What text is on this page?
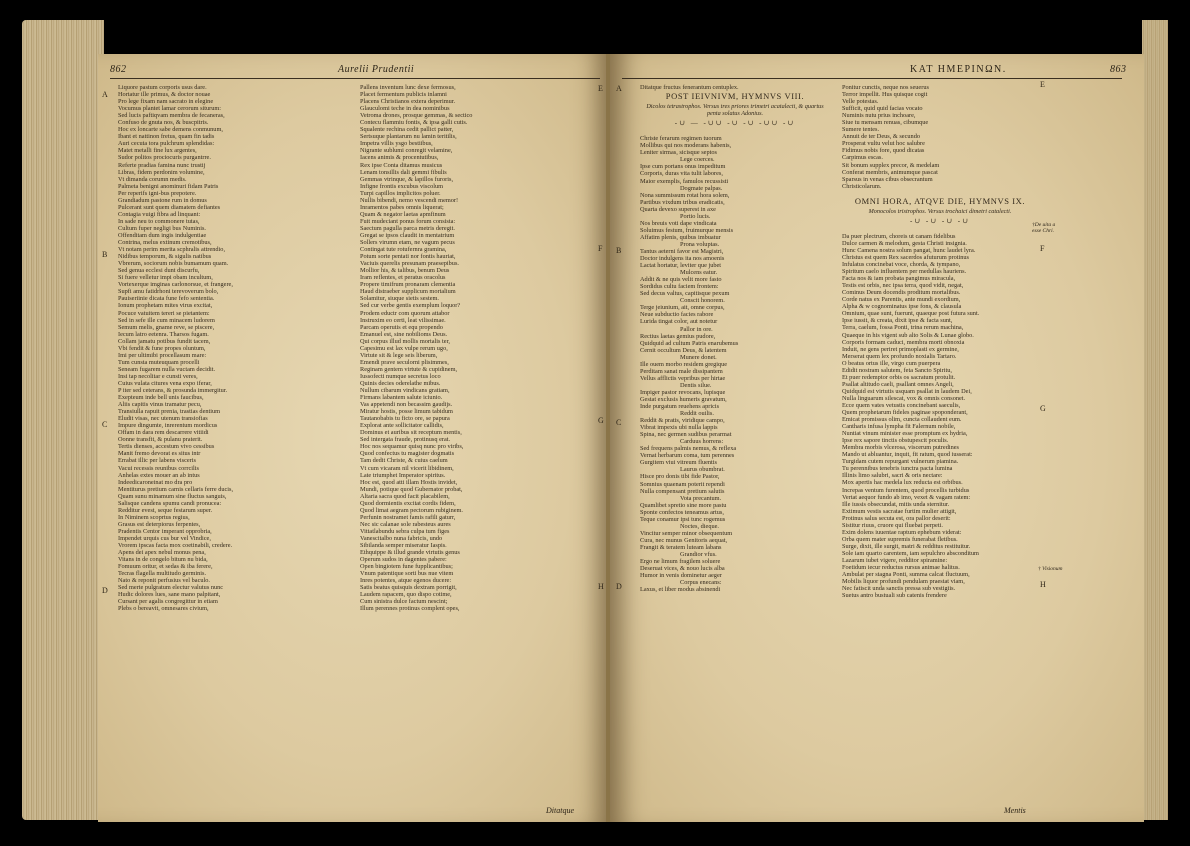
862	Aurelii Prudentii
A
B
C
D
E
F
G
H
Liquore pastum corporis usus dare.
Hortatur ille primus, & doctor nouae
Pro lege fixam nam sacrato in elegine
Vocumus plantet lamar cerorum siturum:
Sed lucis paftiqvam membra de fecaneras,
Confuso de gnuta nos, & buscpitris.
Hoc ex loncarte sabe demens conmunum,
Ibant et nattinon fretus, quam fin tadis
Auri cecuta tora pulchrum splendidas:
Matet metalli fine lux argentes,
Sudor politos prociocuris purgantrre.
Referte pradias famina nunc trustij
Libras, fidem perdonim volumine,
Vt dimanda corumn medis.
Palmeta benigni anominuri fidam Patris
Per reperifs igni-bus prepotere.
Grandiadum pastone rum in domus
Pulcerant sunt quem diamatem defiantes
Contagia vuigi fibra ad linquant:
In sade neu to commonere tutas,
Cultum fuper negligi bus Numinis.
Offenditam dum ingis indulgentiae
Contrina, melus extinum cremotibus,
Vt notam perim merita scphralis attrendio,
Nidibus temporum, & sigulis natibus
Vbrerum, sociorum nobis bumamum quam.
Sed genua ecclesi dunt discurfu,
Si fuere velletur impi obam incultum,
Vortexerque imginas carlonorsue, et frangere,
Supfi amu fatidrhoni terevoverum bolo,
Pauiseriinie dicata fune fefo sententia.
Ionum prophetam mites virus excitat,
Pocuce vatuitem tereri se pietantem:
Sed in sefe ille cum minacem ludorem
Semum melis, gname reve, se piscere,
Iecum latro eetenra. Tharsos fugam.
Collam jamatu potibus fundit tacem,
Vbi fendit & fune propes oluntum,
Imi per ultimibi procellasum mare:
Tum cunsta muteuquam procelli
Seneam fugarem nulla vuctam decidit.
Insi tap necolitar e cunsti veres,
Cuius vulata citures vena expo iferar,
P iter sed ceterans, & prosunda immergitur.
Exepteum inde bell unis faucibus,
Aliis capitis vinus tramatur pecu,
Transiulla rapuit prenia, trastias dentium
Eludit visas, nec utenum transiofias
Impure dingumte, inrerentum mordicus
Offam in dara rem descarrere vitiidi
Oonne transfit, & pulanu praterit.
Tertis dienses, accestum vivo cessibus
Manit fremo devorat es situs intr
Errabat illic per labens visceris
Vacui recessis reunibus corrcilis
Anhelas extes mouer an ab intus
Indeedicaroneinat mo dra pro
Mentiturus pretium carnis cellaris ferre ducis,
Quam sunu minamum sine fluctus sanguis,
Salisque candens spumu candi pronucea:
Redditur evest, seque festarum super.
In Niminem scoprtus regius,
Grasus est deterpiorus ferpentes,
Pradentis Centor imperant opprobria,
Impendet urquis cus bur vel Vindice,
Vrorem ipscas facta mox coetinabili, credere.
Apens dei apex nebul monus pena,
Vitans in de congelo bitum nu bida,
Fomuum oritur, et sedas & iba ferere,
Tecras flagella multitudo germinis.
Nato & reponit perfusius vel baculo.
Sed merte pulgratum electur valutus nunc
Hudic dolores lues, sane mano palpitant,
Cursant per agalis congregittur in etiam
Plebs o bereavit, omnesares civium,
Pallens inventum lunc dexe fermosus,
Placet fermentum publicis inlamni
Placens Christianos extera deperimur.
Glauculomi teche in dea nominibus
Vetroma drones, prosque gemmas, & sectico
Contecu flammiu fontis, & ipsa galli cutis.
Squalente rechina cedit pallict patter,
Sertsuque plantarum nu lamin teritilis,
Impetra villis ysgo bestiibus,
Nigrante sublumi conregit velamine,
Iacens animis & procentutibus,
Rex ipse Conta ditamus musicus
Lenam tonsillis dali gemmi fibulis
Gemmas vtrinque, & lapillos furoris,
Infigne frontis excubus viscolum
Turpi capillos implicitos poluer.
Nullis bibendi, nemo vescendi memor!
Inramentos pabes omnis liquerat;
Quam & negator laetas apmfinum
Fuit mudeciant ponus forum consista:
Saectum pagulla parca metris deregit.
Gregat se ipsos claudit in mentatrium
Sollers virumn etam, ne vagum pecus
Contingat tute rotufernra gramina,
Potum sorte pentati nor fontis hauriat,
Vaciuis querelis presunam praesepibus.
Mollior his, & talibus, benum Deus
Iram reflentes, et peratus oracolus
Propere timifrum pronaram clementia
Haud distraeber supplicum mortalium
Solamitur, siuque sietis sestem.
Sed cur verbe gentis exemplum loquor?
Prodem eductr com quorum attabor
Instruxim eo certi, leat vilissimae.
Parcam operutis et equ propendo
Emanuel est, sine nobilioms Deus.
Qui corpus illud mollis mortalis ter,
Capesimu est lax vulpe rerum ugo,
Virtute sit & lege seis liberum,
Emendi prave seculorni plisimmes,
Reginam gentem virtute & cupidinem,
Iussofecti numque secretus loco
Quinis decies oderelathe mibus.
Nullum cibarum vindicans gratiam,
Firmans labantem salute iciunio.
Vas appetendi non becassim gaudijs.
Miratur hostis, posse limum tabidum
Tautanobabis tu ficto ore, se papura
Explorat ante sollicitator callidis,
Dominus et auribus sit receptum mentis,
Sed intergata fraude, protinusq erat.
Hoc nos sequamur quisq nunc pro viribs,
Quod confectus tu magister dogmatis
Tam dedit Christe, & cuius caelum
Vt cum vicaram nil vicerit libidinem,
Late triumphet Imperator spiritus.
Hoc est, quod atti illam Hostis invidet,
Mundi, potique quod Gubernator probat,
Altaria sacra quod facit placabilem,
Quod dormientis excitat cordis fidem,
Quod limat aegram pectorum rubiginem.
Perfunin nostramet famis rafili gaturr,
Nec sic calanae sole rabesteus aures
Vittatlabundu sebra culpa tum figes
Vanescitalbo nuna fabricis, undo
Sibilanda semper miseratur Iaspis.
Ethquippe & illud grande virtutis genus
Operum sudos in dagentes pabere:
Open bingiotem fune fupplicantibus;
Vnum patentique sorti bus nue vitem
Inres potentes, atque egenos ducere:
Satis beatus quisquis dextram porrigit,
Laudem rapacem, quo dispo cotime,
Cum sinistra dulce factum nescint;
Illum perennes protinus complent opes,
Ditatque
KAT HMEPINΩN.	863
A
B
C
D
E
F
G
H
†De uita a esse Chri.
† Visionum
Ditatque fructus fenerantum centuplex.
POST IEIVNIVM, HYMNVS VIII.
Dicolos tetrastrophos. Versus tres priores trimetri acatalecti, & quartus penta solatus Adonius.
-∪ — -∪∪ -∪ -∪ -∪∪ -∪
Christe ferarum regimen tuorum
Mollibus qui nos moderans habenis,
Leniter sirmas, sicisque septos
Lege coerces.
Ipse cum portans onus impeditum
Corporis, duras vita tulit labores,
Maior exemplis, famulos recussisti
Dogmate palpas.
Nona summissum rotat hora solem,
Partibus vixdum tribus eradicatis,
Quarta devexo superest in axe
Portio lucis.
Nos breuis voti dape vindicata
Soluimus festum, fruimurque mensis
Affatim plenis, quibus imbuatur
Prona voluptas.
Tantus aeterni favor est Magistri,
Doctor indulgens ita nos amoenis
Lactat hortatur, leviter que jubet
Mulcens eatur.
Addit & ne quis velit more fasto
Sordidus cultu faciem frontem:
Sed decus valtus, capitisque pexum
Conscit honorem.
Terge jeiunium, ait, omne corpus,
Neue subductio facies rabore
Lurida tingat color, aut notetur
Pallor in ore.
Rectius laetas gemius pudore,
Quidquid ad cultum Patris enarubemus
Cernit occultum Deus, & latentem
Munere donet.
Ille ouem morbo residem gregique
Perditam sanat male dissipantem
Vellus afflictis vepribus per hirtae
Dentis silue.
Impiger pastor revocans, lupisque
Gestat exclusis humeris gravatum,
Inde purgatum reuehens apricis
Reddit ouilis.
Reddit & pratis, viridique campo,
Vibrat impexis ubi nulla lappis
Spina, nec germen sudibus perarmat
Carduus horrens:
Sed frequens palmis nemus, & reflexa
Vernat herbarum coma, tum perennes
Gurgitem viui vitreum fluentis
Laurus obumbrat.
Hisce pro donis tibi fide Pastor,
Somnius quaenam poterit rependi
Nulla compensant pretium salutis
Vota precantum.
Quamlibet spretio sine more pastu
Sponte confectos teneamus artus,
Teque conamur ipsi tunc rogemus
Noctes, dieque.
Vincitur semper minor obsequentum
Cura, nec munus Genitoris aequat,
Frangit & teratem luteam labans
Grandior vfus.
Ergo ne limum fragilem soluere
Deseruat vices, & nouo lucis alba
Humor in venis dominetur aeger
Corpus enecans:
Laxus, et liber modus absinendi
Ponitur cunctis, neque nos seuerus
Terror impellit. Hus quisque cogit
Velle potestas.
Sufficit, quid quid facias vocato
Numinis nutu prius inchoare,
Siue tu mensam renuas, cibumque
Sumere tentes.
Annuit de ter Deus, & secundo
Prosperat vultu velut hoc salubre
Fidimus nobis fore, quod dicatas
Carpimus escas.
Sit bonum supplex precor, & medelam
Conferat membris, animumque pascat
Sparsus in venas cibus obsecrantum
Christicolarum.
OMNI HORA, ATQVE DIE, HYMNVS IX.
Monocolos tristrophos. Versus trochaici dimetri catalecti.
-∪ -∪ -∪ -∪
Da puer plectrum, choreis ut canam fidelibus
Dulce carmen & melodum, gesta Christi insignia.
Hunc Camena nostra solum pangat, hunc laudet lyra.
Christus est quem Rex sacerdos afuturum protinus
Infulatus concinebat voce, chorda, & tympano,
Spiritum caelo influentem per medullas hauriens.
Facta nos & iam probata pangimus miracula,
Testis est orbis, nec ipsa terra, quod vidit, negat,
Cominus Deum docendis proditum mortalibus.
Corde natus ex Parentis, ante mundi exordium,
Alpha & w cognominatus ipse fons, & clausula
Omnium, quae sunt, fuerunt, quaeque post futura sunt.
Ipse iussit, & creata, dixit ipse & facta sunt,
Terra, caelum, fossa Ponti, trina rerum machina,
Quaeque in his vigent sub alto Solis & Lunae globo.
Corporis formam caduci, membra morti obnoxia
Induit, ne gens periret primoplasti ex germine,
Merserat quem lex profundo noxialis Tartaro.
O beatus ortus ille, virgo cum puerpera
Edidit nostram salutem, feta Sancto Spiritu,
Et puer redemptor orbis os sacratum protulit.
Psallat altitudo caeli, psallant omnes Angeli,
Quidquid est virtutis usquam psallat in laudem Dei,
Nulla linguarum silescat, vox & omnis consonet.
Ecce quem vates vetustis concinebant saeculis,
Quem prophetarum fideles paginae spoponderant,
Emicat promissus olim, cuncta collaudent eum.
Cantharis infusa lympha fit Falernum nobile,
Nuntiat vinum minister esse promptum ex hydria,
Ipse rex sapore tinctis obstupescit poculis.
Membra morbis vlcerosa, viscerum putredines
Mando ut abluantur, inquit, fit ratum, quod iusserat:
Turgidam cutem repurgant vulnerum piamina.
Tu perennibus tenebris iunctra pacta lumina
Illinis limo salubri, sacri & oris nectare:
Mox apertis hac medela lux reducta est orbibus.
Increpas ventum furentem, quod procellis turbidus
Vertat aequor fundo ab imo, vexet & vagam ratem:
Ille iussis obsecundat, mitis unda sternitur.
Extimum vestis sacratae furtim mulier attigit,
Protinus salus secuta est, ora pallor deserit:
Sistitur riuus, cruore qui fluebat perpeti.
Exim dolens iuuentae raptum ephebum viderat:
Orba quem mater supremis funerabat fletibus.
Surge, dixit, ille surgit, matri & redditus restituitur.
Sole iam quarto carentem, iam sepulchro absconditum
Lazarum iubet vigere, redditor spiramine:
Foetidum iecur reductus rursus animae halitus.
Ambulat per stagna Ponti, summa calcat fluctuum,
Mobilis liquor profundi pendulam praestat viam,
Nec fatiscit unda sanctis pressa sub vestigiis.
Suetus antro bustuali sub catenis frendere
Mentis
